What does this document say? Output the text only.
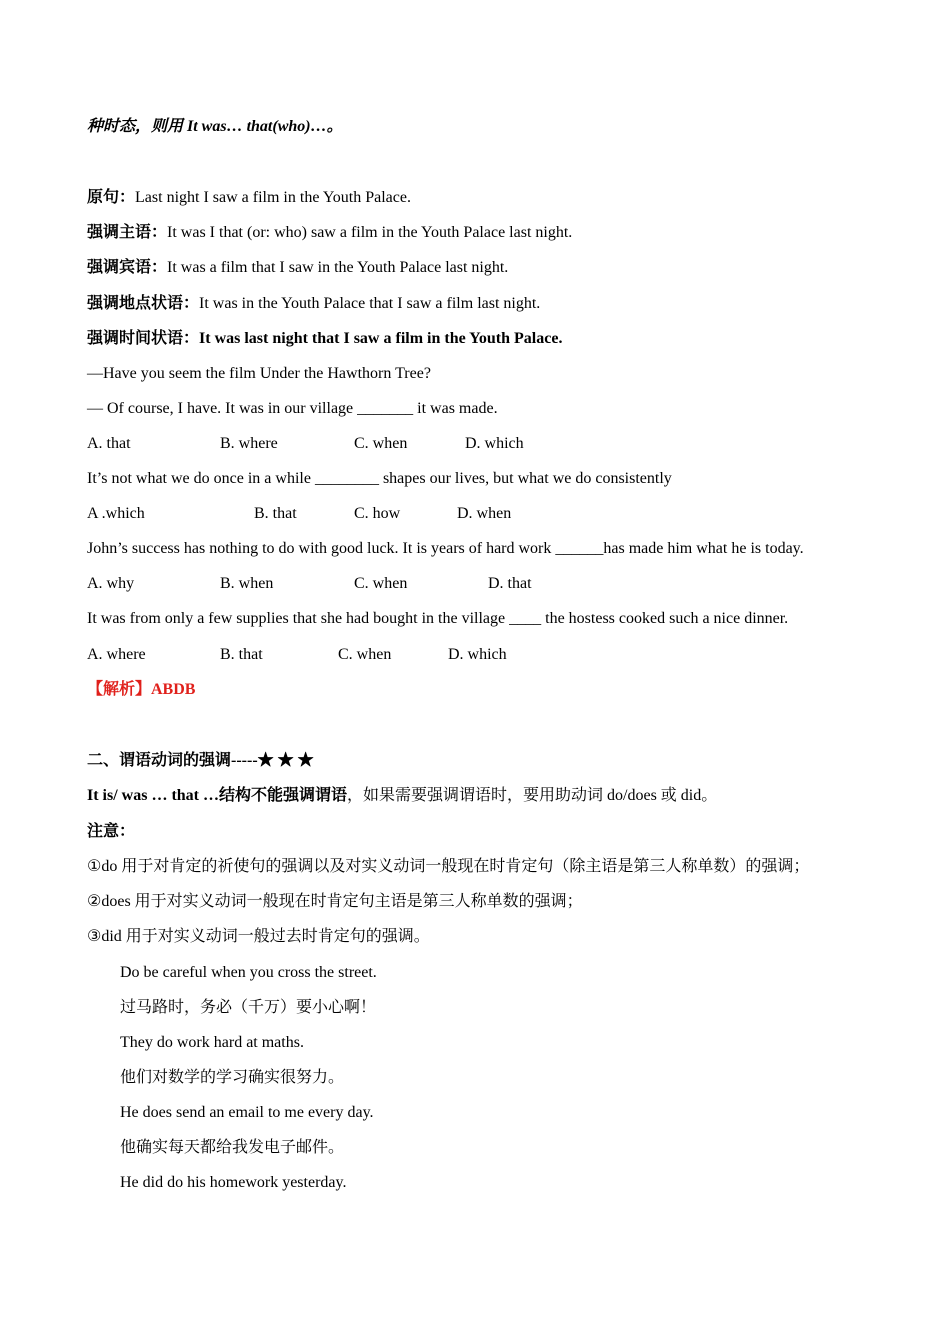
种时态，则用 It was… that(who)…。
原句：Last night I saw a film in the Youth Palace.
强调主语：It was I that (or: who) saw a film in the Youth Palace last night.
强调宾语：It was a film that I saw in the Youth Palace last night.
强调地点状语：It was in the Youth Palace that I saw a film last night.
强调时间状语：It was last night that I saw a film in the Youth Palace.
—Have you seem the film Under the Hawthorn Tree?
— Of course, I have. It was in our village _______ it was made.
A. that	B. where	C. when	D. which
It’s not what we do once in a while ________ shapes our lives, but what we do consistently
A .which	B. that	C. how	D. when
John’s success has nothing to do with good luck. It is years of hard work ______has made him what he is today.
A. why	B. when	C. when	D. that
It was from only a few supplies that she had bought in the village ____ the hostess cooked such a nice dinner.
A. where	B. that	C. when	D. which
【解析】ABDB
二、谓语动词的强调-----★ ★ ★
It is/ was … that …结构不能强调谓语，如果需要强调谓语时，要用助动词 do/does 或 did。
注意：
①do 用于对肯定的祈使句的强调以及对实义动词一般现在时肯定句（除主语是第三人称单数）的强调；
②does 用于对实义动词一般现在时肯定句主语是第三人称单数的强调；
③did 用于对实义动词一般过去时肯定句的强调。
Do be careful when you cross the street.
过马路时，务必（千万）要小心啊！
They do work hard at maths.
他们对数学的学习确实很努力。
He does send an email to me every day.
他确实每天都给我发电子邮件。
He did do his homework yesterday.
